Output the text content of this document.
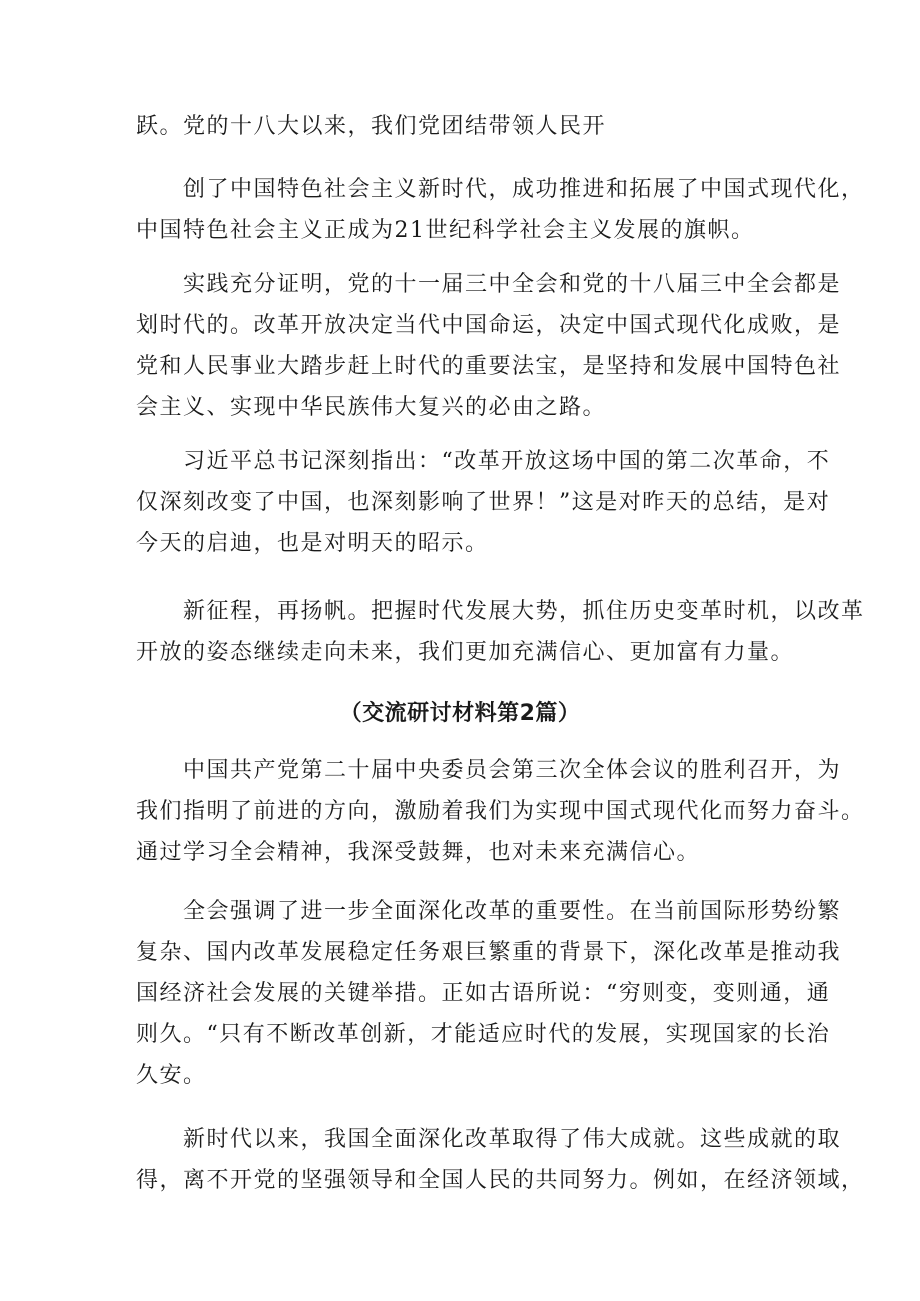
跃。党的十八大以来，我们党团结带领人民开

　　创了中国特色社会主义新时代，成功推进和拓展了中国式现代化，
中国特色社会主义正成为21世纪科学社会主义发展的旗帜。

　　实践充分证明，党的十一届三中全会和党的十八届三中全会都是
划时代的。改革开放决定当代中国命运，决定中国式现代化成败，是
党和人民事业大踏步赶上时代的重要法宝，是坚持和发展中国特色社
会主义、实现中华民族伟大复兴的必由之路。

　　习近平总书记深刻指出：“改革开放这场中国的第二次革命，不
仅深刻改变了中国，也深刻影响了世界！”这是对昨天的总结，是对
今天的启迪，也是对明天的昭示。

　　新征程，再扬帆。把握时代发展大势，抓住历史变革时机，以改革
开放的姿态继续走向未来，我们更加充满信心、更加富有力量。

（交流研讨材料第2篇）

　　中国共产党第二十届中央委员会第三次全体会议的胜利召开，为
我们指明了前进的方向，激励着我们为实现中国式现代化而努力奋斗。
通过学习全会精神，我深受鼓舞，也对未来充满信心。

　　全会强调了进一步全面深化改革的重要性。在当前国际形势纷繁
复杂、国内改革发展稳定任务艰巨繁重的背景下，深化改革是推动我
国经济社会发展的关键举措。正如古语所说：“穷则变，变则通，通
则久。“只有不断改革创新，才能适应时代的发展，实现国家的长治
久安。

　　新时代以来，我国全面深化改革取得了伟大成就。这些成就的取
得，离不开党的坚强领导和全国人民的共同努力。例如，在经济领域，
